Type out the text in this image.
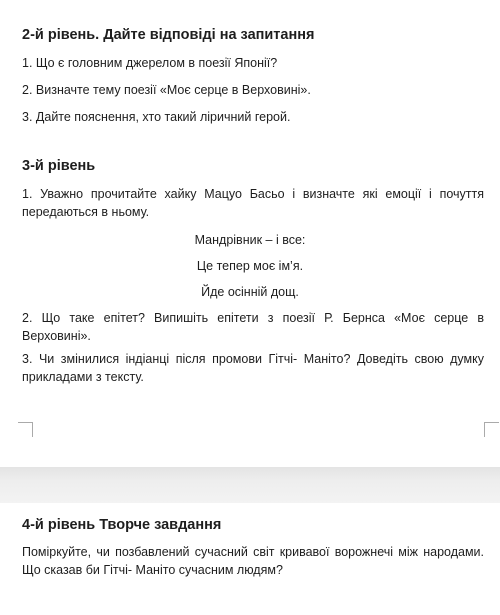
2-й рівень. Дайте відповіді на запитання

1. Що є головним джерелом в поезії Японії?

2. Визначте тему поезії «Моє серце в Верховині».

3. Дайте пояснення, хто такий ліричний герой.

3-й рівень

1. Уважно прочитайте хайку Мацуо Басьо і визначте які емоції і почуття передаються в ньому.

Мандрівник – і все:

Це тепер моє ім’я.

Йде осінній дощ.

2. Що таке епітет? Випишіть епітети з поезії Р. Бернса «Моє серце в Верховині».

3. Чи змінилися індіанці після промови Гітчі- Маніто? Доведіть свою думку прикладами з тексту.

4-й рівень Творче завдання

Поміркуйте, чи позбавлений сучасний світ кривавої ворожнечі між народами. Що сказав би Гітчі- Маніто сучасним людям?
